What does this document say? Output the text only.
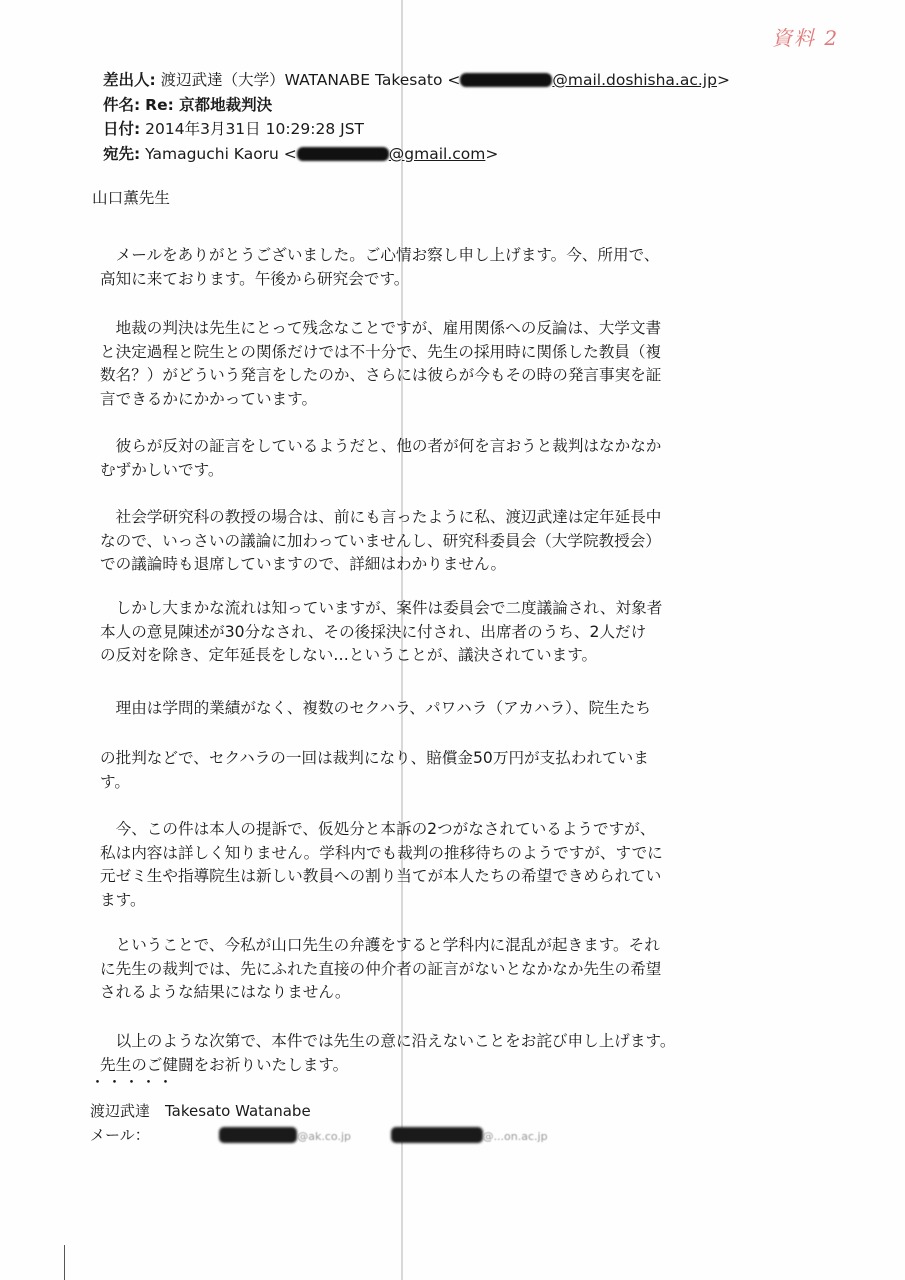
資料 2
差出人: 渡辺武達（大学）WATANABE Takesato <	@mail.doshisha.ac.jp>
件名: Re: 京都地裁判決
日付: 2014年3月31日 10:29:28 JST
宛先: Yamaguchi Kaoru <	@gmail.com>
山口薫先生
　メールをありがとうございました。ご心情お察し申し上げます。今、所用で、
高知に来ております。午後から研究会です。
　地裁の判決は先生にとって残念なことですが、雇用関係への反論は、大学文書
と決定過程と院生との関係だけでは不十分で、先生の採用時に関係した教員（複
数名？）がどういう発言をしたのか、さらには彼らが今もその時の発言事実を証
言できるかにかかっています。
　彼らが反対の証言をしているようだと、他の者が何を言おうと裁判はなかなか
むずかしいです。
　社会学研究科の教授の場合は、前にも言ったように私、渡辺武達は定年延長中
なので、いっさいの議論に加わっていませんし、研究科委員会（大学院教授会）
での議論時も退席していますので、詳細はわかりません。
　しかし大まかな流れは知っていますが、案件は委員会で二度議論され、対象者
本人の意見陳述が30分なされ、その後採決に付され、出席者のうち、2人だけ
の反対を除き、定年延長をしない…ということが、議決されています。
　理由は学問的業績がなく、複数のセクハラ、パワハラ（アカハラ）、院生たち
の批判などで、セクハラの一回は裁判になり、賠償金50万円が支払われていま
す。
　今、この件は本人の提訴で、仮処分と本訴の2つがなされているようですが、
私は内容は詳しく知りません。学科内でも裁判の推移待ちのようですが、すでに
元ゼミ生や指導院生は新しい教員への割り当てが本人たちの希望できめられてい
ます。
　ということで、今私が山口先生の弁護をすると学科内に混乱が起きます。それ
に先生の裁判では、先にふれた直接の仲介者の証言がないとなかなか先生の希望
されるような結果にはなりません。
　以上のような次第で、本件では先生の意に沿えないことをお詫び申し上げます。
先生のご健闘をお祈りいたします。
・・・・・
渡辺武達　Takesato Watanabe
メール：	@ak.co.jp	@...on.ac.jp
